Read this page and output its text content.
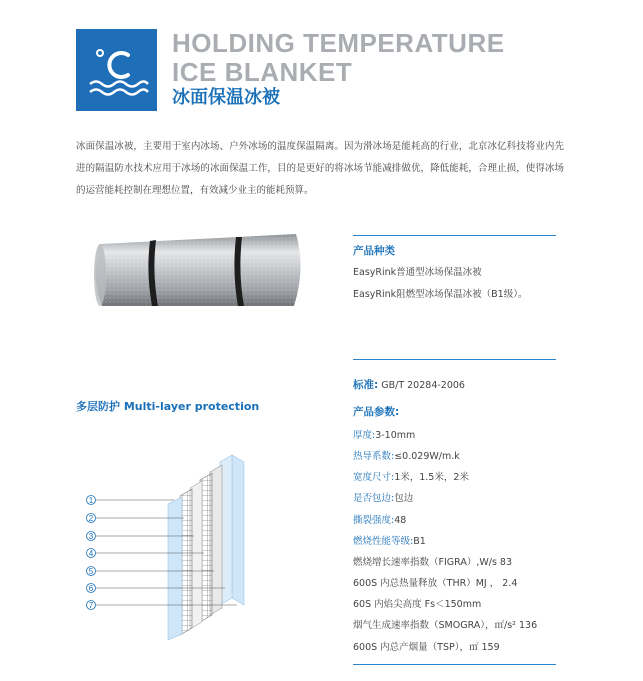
HOLDING TEMPERATURE
ICE BLANKET
冰面保温冰被
冰面保温冰被，主要用于室内冰场、户外冰场的温度保温隔离。因为滑冰场是能耗高的行业，北京冰亿科技将业内先进的隔温防水技术应用于冰场的冰面保温工作，目的是更好的将冰场节能减排做优，降低能耗，合理止损，使得冰场的运营能耗控制在理想位置，有效减少业主的能耗预算。
产品种类
EasyRink普通型冰场保温冰被
EasyRink阻燃型冰场保温冰被（B1级）。
标准: GB/T 20284-2006
产品参数:
厚度:3-10mm
热导系数:≤0.029W/m.k
宽度尺寸:1米，1.5米，2米
是否包边:包边
撕裂强度:48
燃烧性能等级:B1
燃烧增长速率指数（FIGRA）,W/s 83
600S 内总热量释放（THR）MJ ， 2.4
60S 内焰尖高度 Fs＜150mm
烟气生成速率指数（SMOGRA），㎡/s² 136
600S 内总产烟量（TSP），㎡ 159
多层防护 Multi-layer protection
1
2
3
4
5
6
7
